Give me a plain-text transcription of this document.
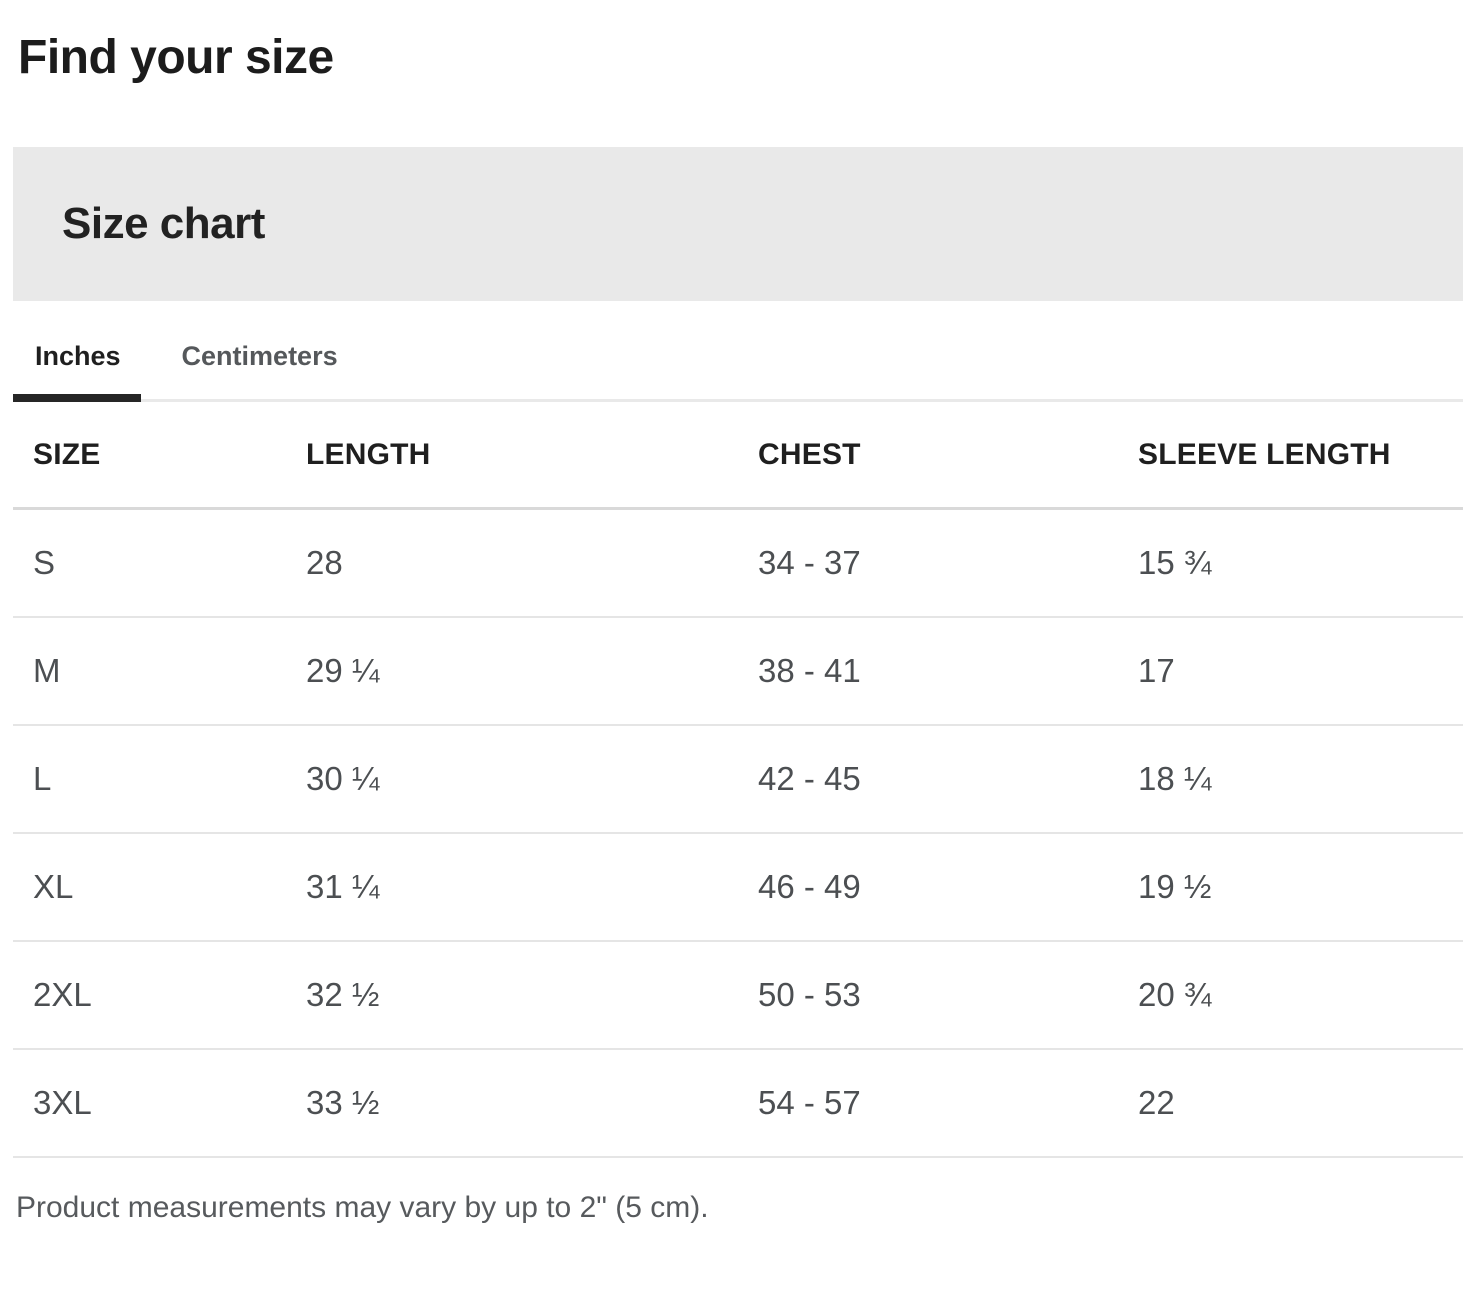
Find your size
Size chart
Inches	Centimeters
SIZE	LENGTH	CHEST	SLEEVE LENGTH
S	28	34 - 37	15 ¾
M	29 ¼	38 - 41	17
L	30 ¼	42 - 45	18 ¼
XL	31 ¼	46 - 49	19 ½
2XL	32 ½	50 - 53	20 ¾
3XL	33 ½	54 - 57	22

Product measurements may vary by up to 2" (5 cm).
